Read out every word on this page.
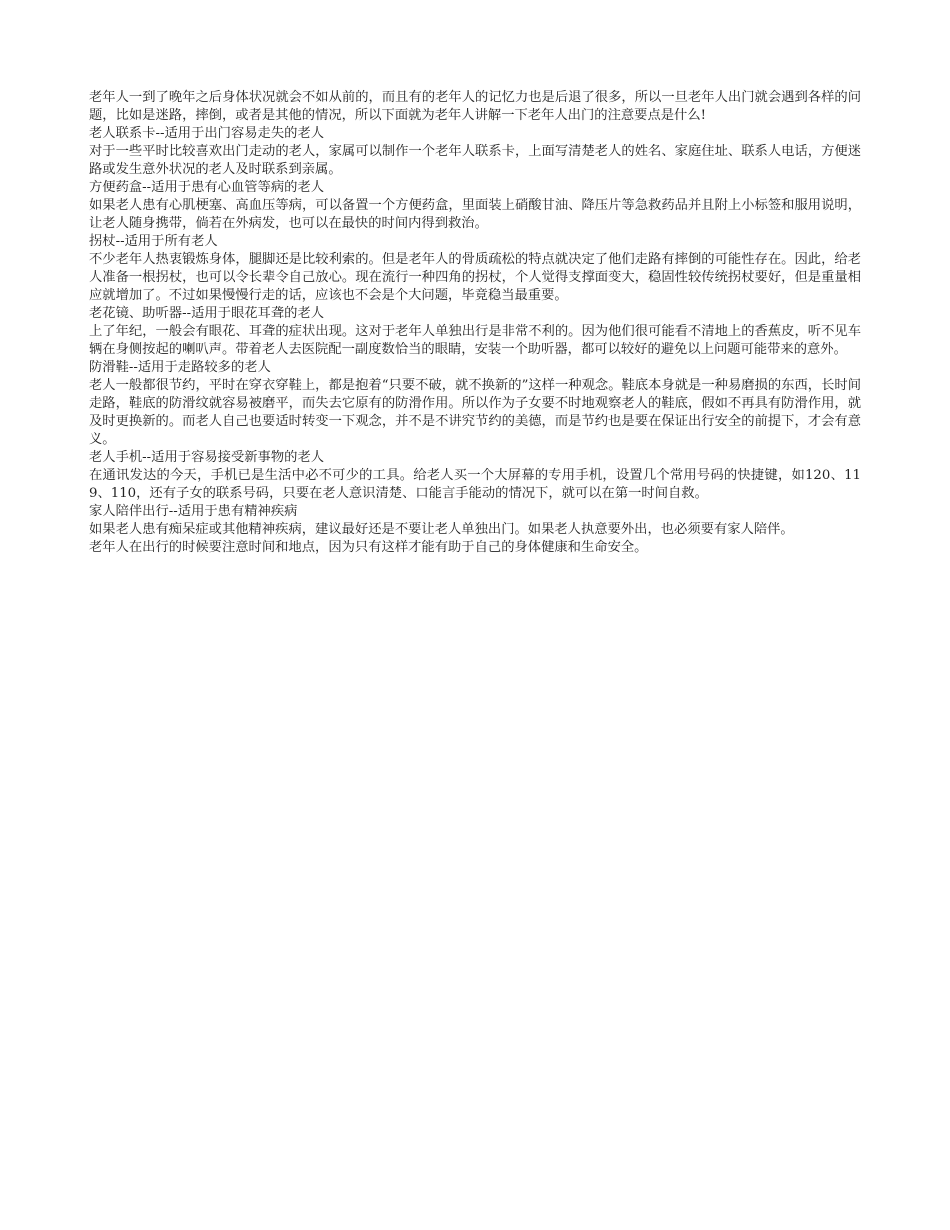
老年人一到了晚年之后身体状况就会不如从前的，而且有的老年人的记忆力也是后退了很多，所以一旦老年人出门就会遇到各样的问题，比如是迷路，摔倒，或者是其他的情况，所以下面就为老年人讲解一下老年人出门的注意要点是什么!

老人联系卡--适用于出门容易走失的老人

对于一些平时比较喜欢出门走动的老人，家属可以制作一个老年人联系卡，上面写清楚老人的姓名、家庭住址、联系人电话，方便迷路或发生意外状况的老人及时联系到亲属。

方便药盒--适用于患有心血管等病的老人

如果老人患有心肌梗塞、高血压等病，可以备置一个方便药盒，里面装上硝酸甘油、降压片等急救药品并且附上小标签和服用说明，让老人随身携带，倘若在外病发，也可以在最快的时间内得到救治。

拐杖--适用于所有老人

不少老年人热衷锻炼身体，腿脚还是比较利索的。但是老年人的骨质疏松的特点就决定了他们走路有摔倒的可能性存在。因此，给老人准备一根拐杖，也可以令长辈令自己放心。现在流行一种四角的拐杖，个人觉得支撑面变大，稳固性较传统拐杖要好，但是重量相应就增加了。不过如果慢慢行走的话，应该也不会是个大问题，毕竟稳当最重要。

老花镜、助听器--适用于眼花耳聋的老人

上了年纪，一般会有眼花、耳聋的症状出现。这对于老年人单独出行是非常不利的。因为他们很可能看不清地上的香蕉皮，听不见车辆在身侧按起的喇叭声。带着老人去医院配一副度数恰当的眼睛，安装一个助听器，都可以较好的避免以上问题可能带来的意外。

防滑鞋--适用于走路较多的老人

老人一般都很节约，平时在穿衣穿鞋上，都是抱着“只要不破，就不换新的”这样一种观念。鞋底本身就是一种易磨损的东西，长时间走路，鞋底的防滑纹就容易被磨平，而失去它原有的防滑作用。所以作为子女要不时地观察老人的鞋底，假如不再具有防滑作用，就及时更换新的。而老人自己也要适时转变一下观念，并不是不讲究节约的美德，而是节约也是要在保证出行安全的前提下，才会有意义。

老人手机--适用于容易接受新事物的老人

在通讯发达的今天，手机已是生活中必不可少的工具。给老人买一个大屏幕的专用手机，设置几个常用号码的快捷键，如120、119、110，还有子女的联系号码，只要在老人意识清楚、口能言手能动的情况下，就可以在第一时间自救。

家人陪伴出行--适用于患有精神疾病

如果老人患有痴呆症或其他精神疾病，建议最好还是不要让老人单独出门。如果老人执意要外出，也必须要有家人陪伴。

老年人在出行的时候要注意时间和地点，因为只有这样才能有助于自己的身体健康和生命安全。
